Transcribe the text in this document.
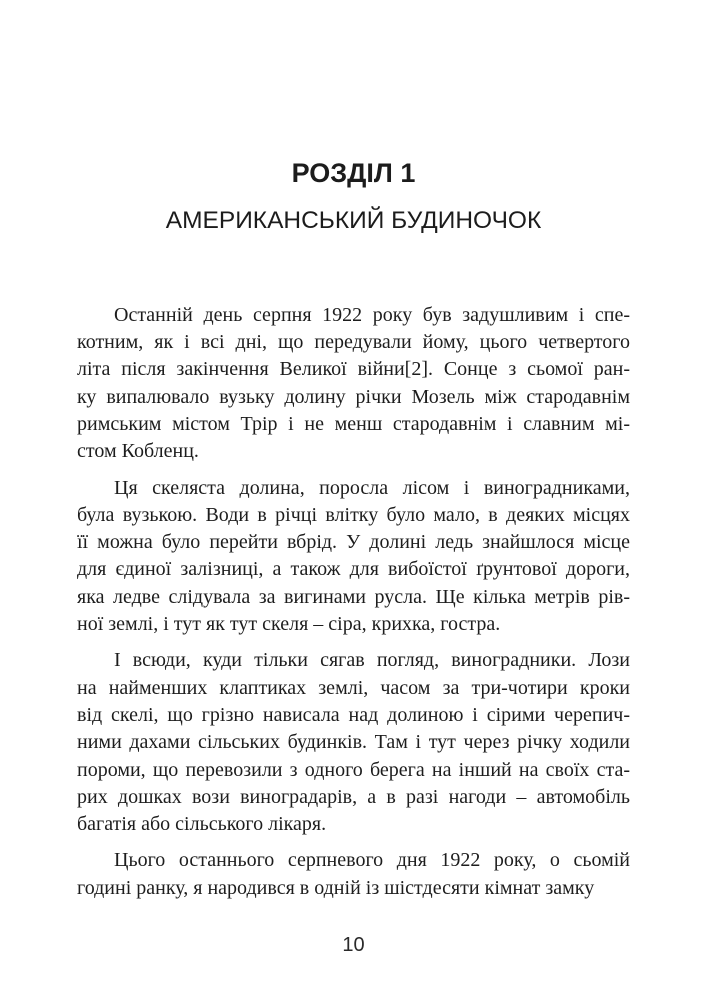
РОЗДІЛ 1
АМЕРИКАНСЬКИЙ БУДИНОЧОК
Останній день серпня 1922 року був задушливим і спе-
котним, як і всі дні, що передували йому, цього четвертого
літа після закінчення Великої війни[2]. Сонце з сьомої ран-
ку випалювало вузьку долину річки Мозель між стародавнім
римським містом Трір і не менш стародавнім і славним мі-
стом Кобленц.
Ця скеляста долина, поросла лісом і виноградниками,
була вузькою. Води в річці влітку було мало, в деяких місцях
її можна було перейти вбрід. У долині ледь знайшлося місце
для єдиної залізниці, а також для вибоїстої ґрунтової дороги,
яка ледве слідувала за вигинами русла. Ще кілька метрів рів-
ної землі, і тут як тут скеля – сіра, крихка, гостра.
І всюди, куди тільки сягав погляд, виноградники. Лози
на найменших клаптиках землі, часом за три-чотири кроки
від скелі, що грізно нависала над долиною і сірими черепич-
ними дахами сільських будинків. Там і тут через річку ходили
пороми, що перевозили з одного берега на інший на своїх ста-
рих дошках вози виноградарів, а в разі нагоди – автомобіль
багатія або сільського лікаря.
Цього останнього серпневого дня 1922 року, о сьомій
годині ранку, я народився в одній із шістдесяти кімнат замку
10
